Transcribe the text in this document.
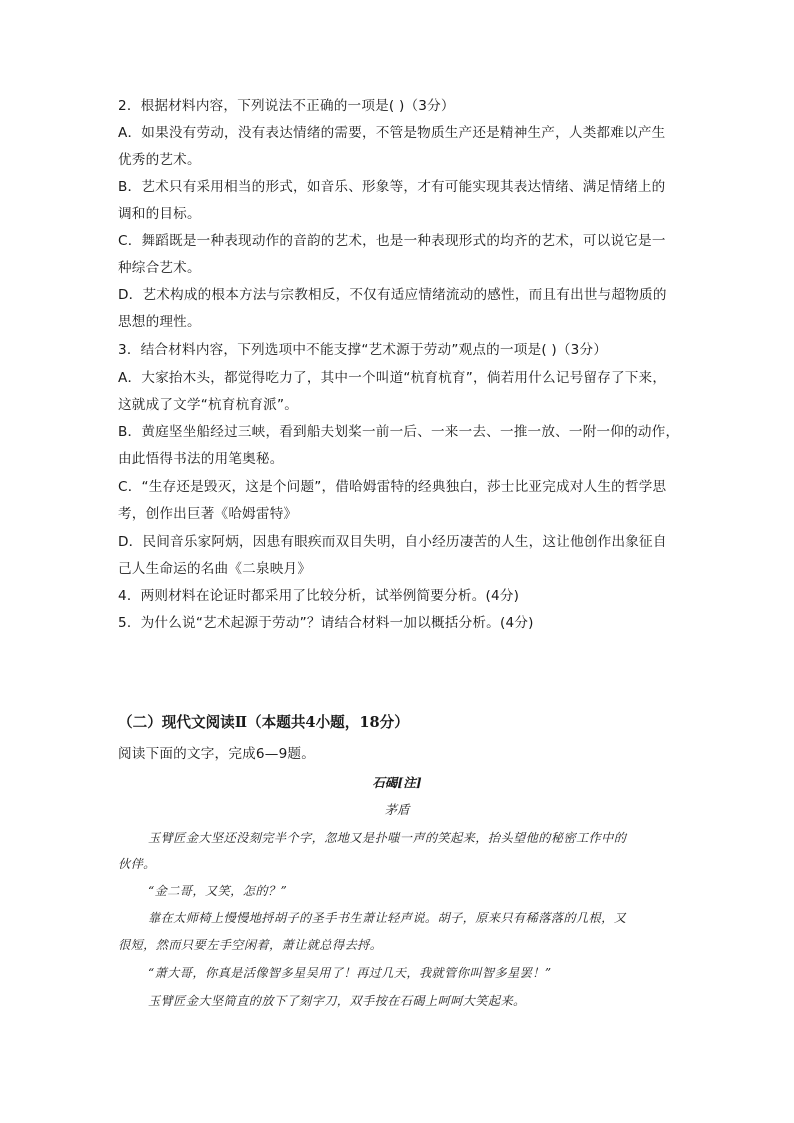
2．根据材料内容，下列说法不正确的一项是( )（3分）
A．如果没有劳动，没有表达情绪的需要，不管是物质生产还是精神生产，人类都难以产生
优秀的艺术。
B．艺术只有采用相当的形式，如音乐、形象等，才有可能实现其表达情绪、满足情绪上的
调和的目标。
C．舞蹈既是一种表现动作的音韵的艺术，也是一种表现形式的均齐的艺术，可以说它是一
种综合艺术。
D．艺术构成的根本方法与宗教相反，不仅有适应情绪流动的感性，而且有出世与超物质的
思想的理性。
3．结合材料内容，下列选项中不能支撑“艺术源于劳动”观点的一项是( )（3分）
A．大家抬木头，都觉得吃力了，其中一个叫道“杭育杭育”，倘若用什么记号留存了下来，
这就成了文学“杭育杭育派”。
B．黄庭坚坐船经过三峡，看到船夫划桨一前一后、一来一去、一推一放、一附一仰的动作，
由此悟得书法的用笔奥秘。
C．“生存还是毁灭，这是个问题”，借哈姆雷特的经典独白，莎士比亚完成对人生的哲学思
考，创作出巨著《哈姆雷特》
D．民间音乐家阿炳，因患有眼疾而双目失明，自小经历凄苦的人生，这让他创作出象征自
己人生命运的名曲《二泉映月》
4．两则材料在论证时都采用了比较分析，试举例简要分析。(4分)
5．为什么说“艺术起源于劳动”？请结合材料一加以概括分析。(4分)
（二）现代文阅读Ⅱ（本题共4小题，18分）
阅读下面的文字，完成6—9题。
石碣[注]
茅盾
玉臂匠金大坚还没刻完半个字，忽地又是扑嗤一声的笑起来，抬头望他的秘密工作中的
伙伴。
“金二哥，又笑，怎的？”
靠在太师椅上慢慢地捋胡子的圣手书生萧让轻声说。胡子，原来只有稀落落的几根，又
很短，然而只要左手空闲着，萧让就总得去捋。
“萧大哥，你真是活像智多星吴用了！再过几天，我就管你叫智多星罢！”
玉臂匠金大坚简直的放下了刻字刀，双手按在石碣上呵呵大笑起来。
